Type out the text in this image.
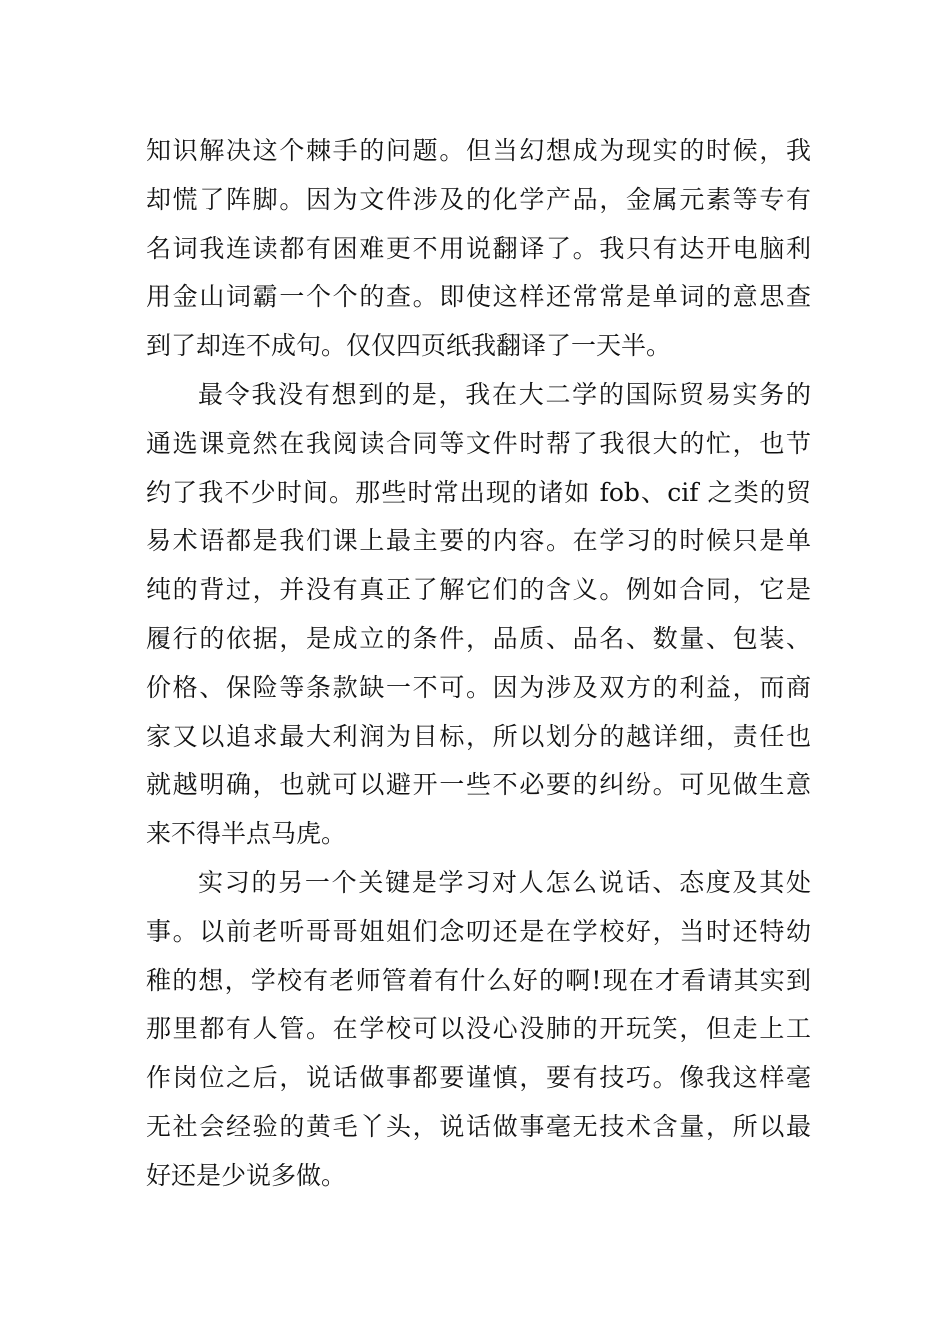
知识解决这个棘手的问题。但当幻想成为现实的时候，我
却慌了阵脚。因为文件涉及的化学产品，金属元素等专有
名词我连读都有困难更不用说翻译了。我只有达开电脑利
用金山词霸一个个的查。即使这样还常常是单词的意思查
到了却连不成句。仅仅四页纸我翻译了一天半。
最令我没有想到的是，我在大二学的国际贸易实务的
通选课竟然在我阅读合同等文件时帮了我很大的忙，也节
约了我不少时间。那些时常出现的诸如 fob、cif 之类的贸
易术语都是我们课上最主要的内容。在学习的时候只是单
纯的背过，并没有真正了解它们的含义。例如合同，它是
履行的依据，是成立的条件，品质、品名、数量、包装、
价格、保险等条款缺一不可。因为涉及双方的利益，而商
家又以追求最大利润为目标，所以划分的越详细，责任也
就越明确，也就可以避开一些不必要的纠纷。可见做生意
来不得半点马虎。
实习的另一个关键是学习对人怎么说话、态度及其处
事。以前老听哥哥姐姐们念叨还是在学校好，当时还特幼
稚的想，学校有老师管着有什么好的啊!现在才看请其实到
那里都有人管。在学校可以没心没肺的开玩笑，但走上工
作岗位之后，说话做事都要谨慎，要有技巧。像我这样毫
无社会经验的黄毛丫头，说话做事毫无技术含量，所以最
好还是少说多做。
